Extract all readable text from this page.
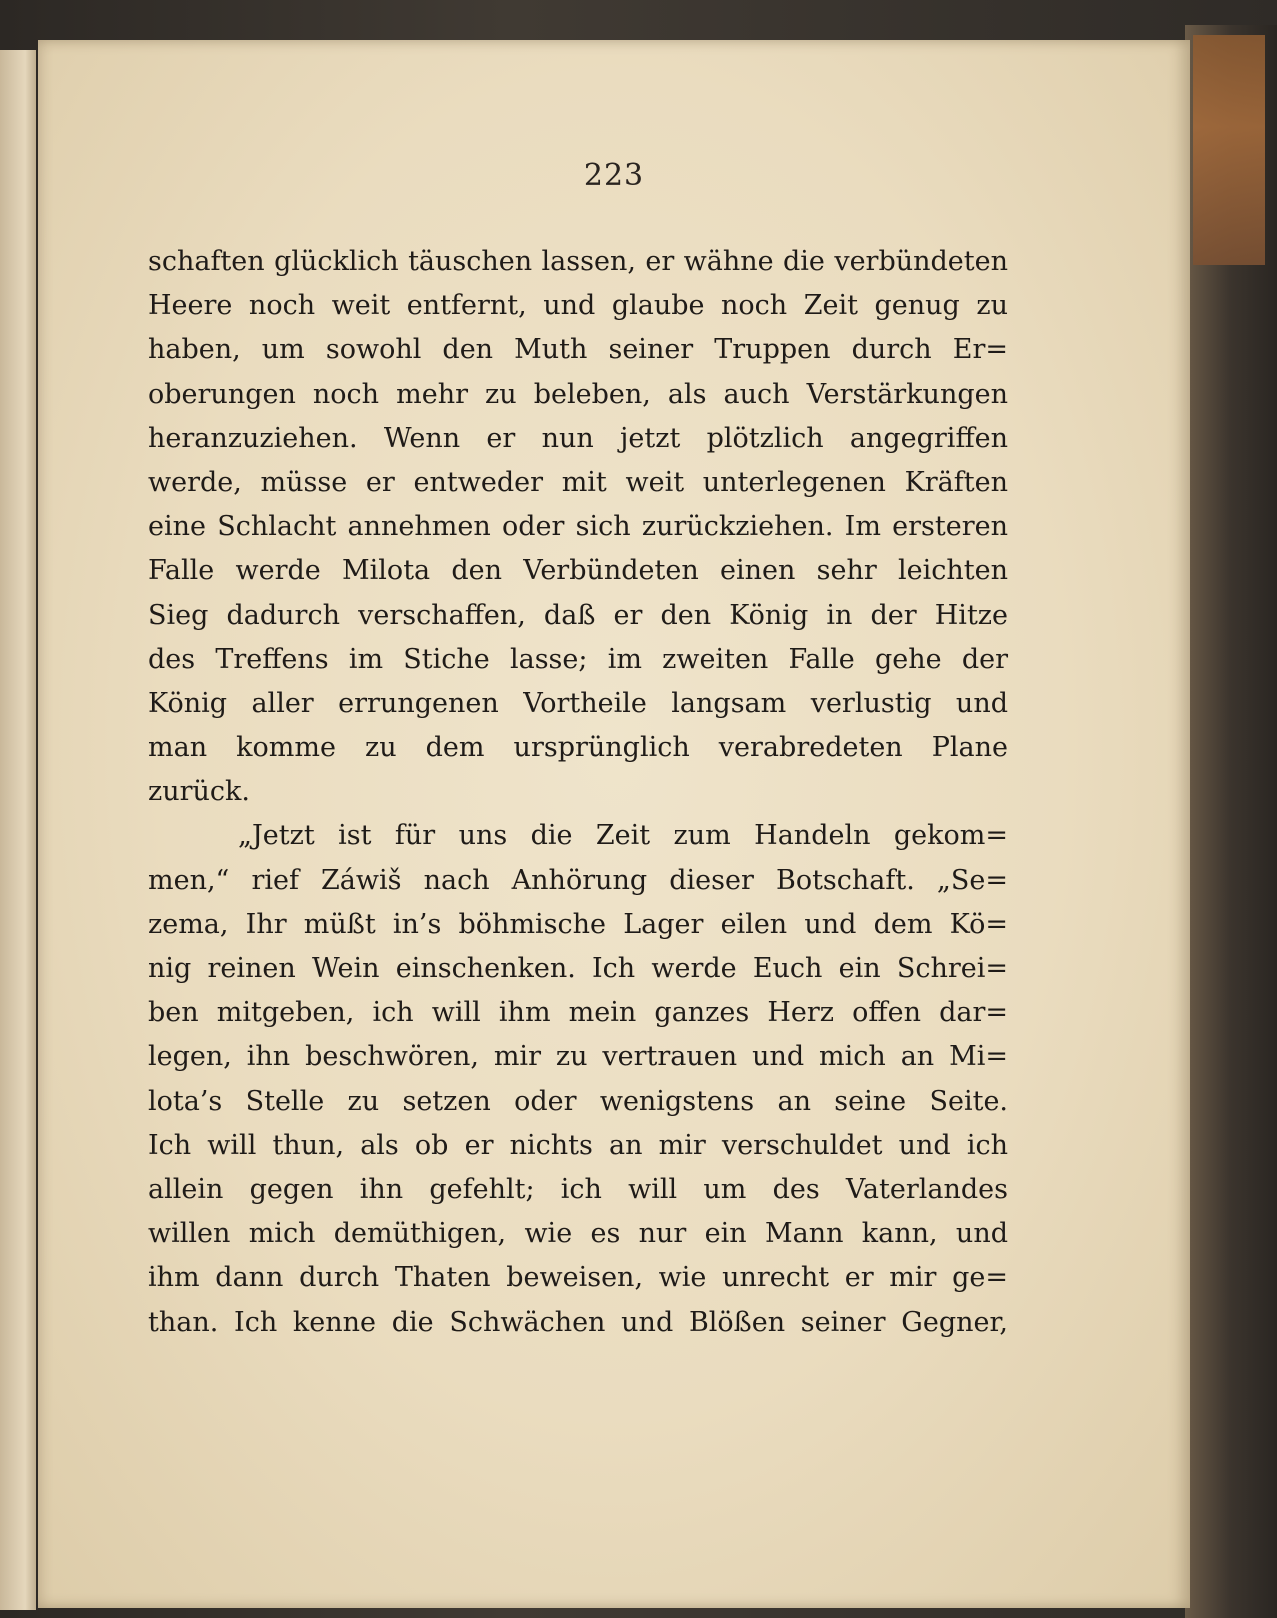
223
schaften glücklich täuschen lassen, er wähne die verbündeten
Heere noch weit entfernt, und glaube noch Zeit genug zu
haben, um sowohl den Muth seiner Truppen durch Er=
oberungen noch mehr zu beleben, als auch Verstärkungen
heranzuziehen. Wenn er nun jetzt plötzlich angegriffen
werde, müsse er entweder mit weit unterlegenen Kräften
eine Schlacht annehmen oder sich zurückziehen. Im ersteren
Falle werde Milota den Verbündeten einen sehr leichten
Sieg dadurch verschaffen, daß er den König in der Hitze
des Treffens im Stiche lasse; im zweiten Falle gehe der
König aller errungenen Vortheile langsam verlustig und
man komme zu dem ursprünglich verabredeten Plane
zurück.
„Jetzt ist für uns die Zeit zum Handeln gekom=
men,“ rief Záwiš nach Anhörung dieser Botschaft. „Se=
zema, Ihr müßt in’s böhmische Lager eilen und dem Kö=
nig reinen Wein einschenken. Ich werde Euch ein Schrei=
ben mitgeben, ich will ihm mein ganzes Herz offen dar=
legen, ihn beschwören, mir zu vertrauen und mich an Mi=
lota’s Stelle zu setzen oder wenigstens an seine Seite.
Ich will thun, als ob er nichts an mir verschuldet und ich
allein gegen ihn gefehlt; ich will um des Vaterlandes
willen mich demüthigen, wie es nur ein Mann kann, und
ihm dann durch Thaten beweisen, wie unrecht er mir ge=
than. Ich kenne die Schwächen und Blößen seiner Gegner,
